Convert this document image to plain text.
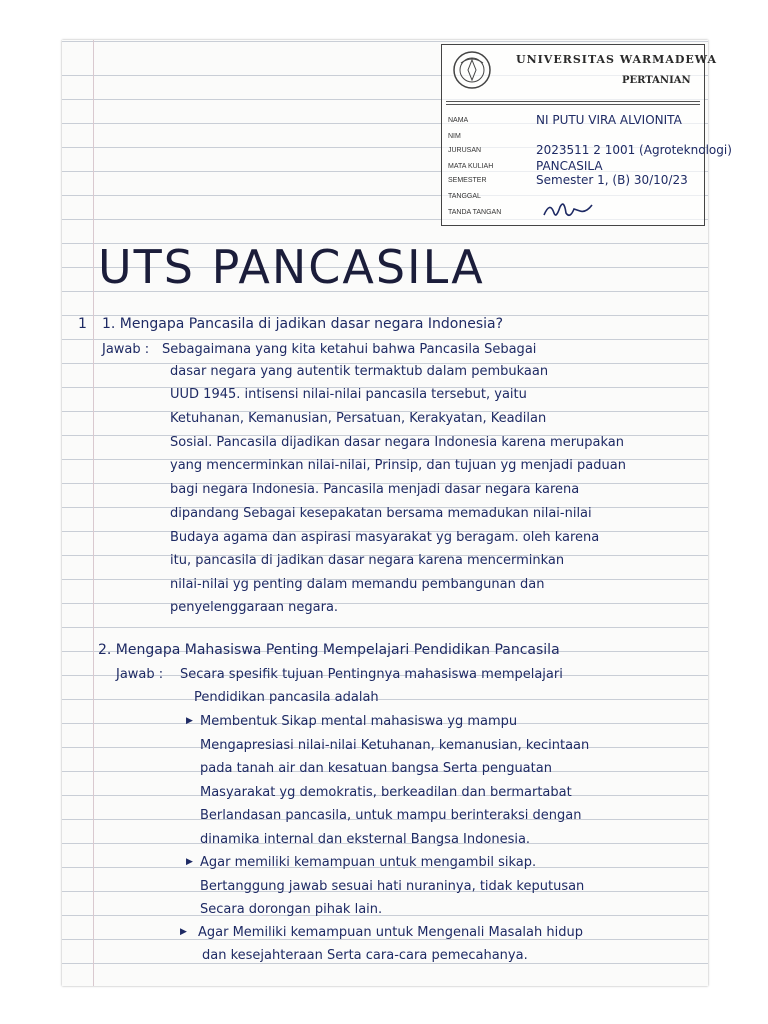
UNIVERSITAS WARMADEWA
PERTANIAN
NAMA	NI PUTU VIRA ALVIONITA
NIM
JURUSAN	2023511 2 1001 (Agroteknologi)
MATA KULIAH	PANCASILA
SEMESTER	Semester 1, (B) 30/10/23
TANGGAL
TANDA TANGAN
UTS PANCASILA
1 1. Mengapa Pancasila di jadikan dasar negara Indonesia?
Jawab : Sebagaimana yang kita ketahui bahwa Pancasila Sebagai
dasar negara yang autentik termaktub dalam pembukaan
UUD 1945. intisensi nilai-nilai pancasila tersebut, yaitu
Ketuhanan, Kemanusian, Persatuan, Kerakyatan, Keadilan
Sosial. Pancasila dijadikan dasar negara Indonesia karena merupakan
yang mencerminkan nilai-nilai, Prinsip, dan tujuan yg menjadi paduan
bagi negara Indonesia. Pancasila menjadi dasar negara karena
dipandang Sebagai kesepakatan bersama memadukan nilai-nilai
Budaya agama dan aspirasi masyarakat yg beragam. oleh karena
itu, pancasila di jadikan dasar negara karena mencerminkan
nilai-nilai yg penting dalam memandu pembangunan dan
penyelenggaraan negara.
2. Mengapa Mahasiswa Penting Mempelajari Pendidikan Pancasila
Jawab : Secara spesifik tujuan Pentingnya mahasiswa mempelajari
Pendidikan pancasila adalah
▶ Membentuk Sikap mental mahasiswa yg mampu
Mengapresiasi nilai-nilai Ketuhanan, kemanusian, kecintaan
pada tanah air dan kesatuan bangsa Serta penguatan
Masyarakat yg demokratis, berkeadilan dan bermartabat
Berlandasan pancasila, untuk mampu berinteraksi dengan
dinamika internal dan eksternal Bangsa Indonesia.
▶ Agar memiliki kemampuan untuk mengambil sikap.
Bertanggung jawab sesuai hati nuraninya, tidak keputusan
Secara dorongan pihak lain.
▶ Agar Memiliki kemampuan untuk Mengenali Masalah hidup
dan kesejahteraan Serta cara-cara pemecahanya.
